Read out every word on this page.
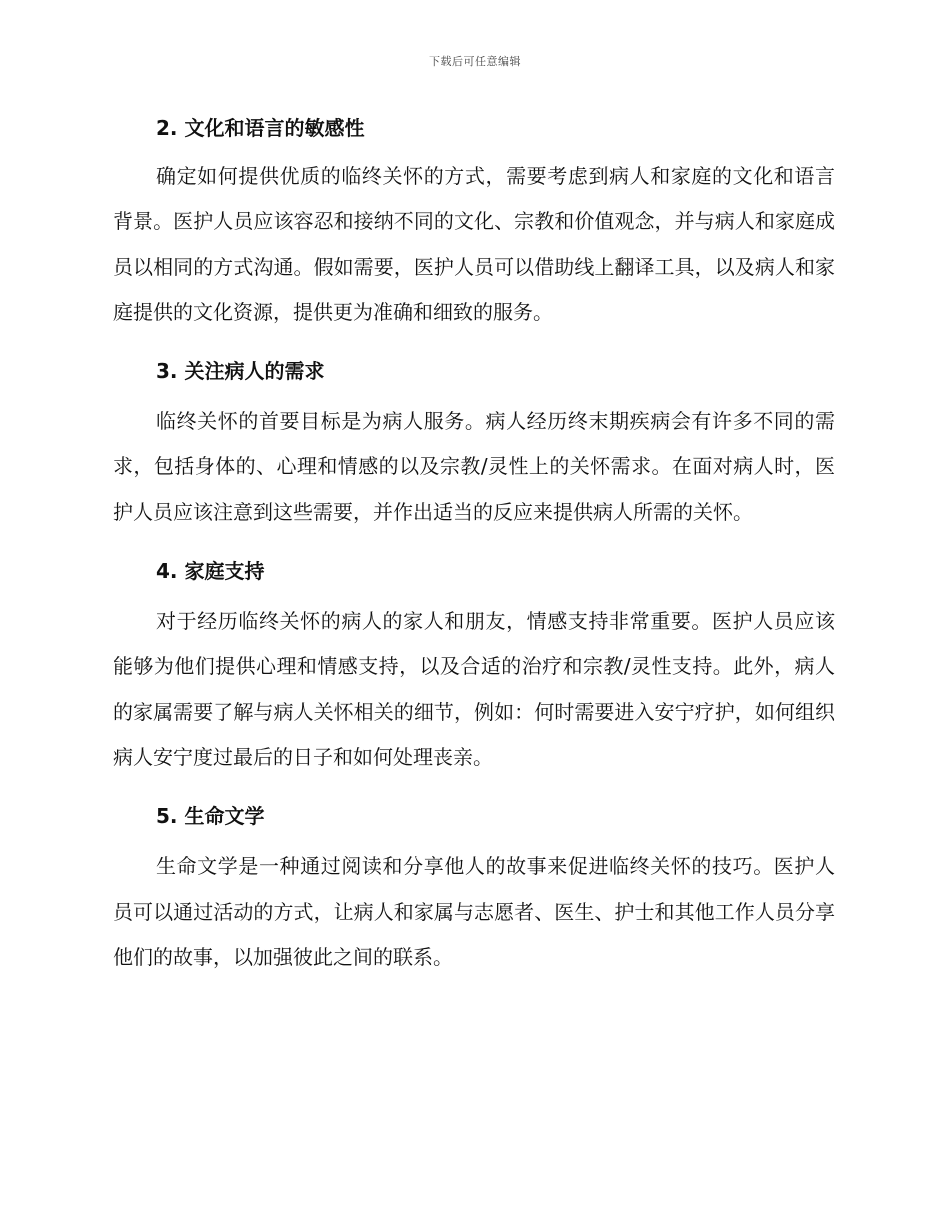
下载后可任意编辑
2. 文化和语言的敏感性

确定如何提供优质的临终关怀的方式，需要考虑到病人和家庭的文化和语言背景。医护人员应该容忍和接纳不同的文化、宗教和价值观念，并与病人和家庭成员以相同的方式沟通。假如需要，医护人员可以借助线上翻译工具，以及病人和家庭提供的文化资源，提供更为准确和细致的服务。

3. 关注病人的需求

临终关怀的首要目标是为病人服务。病人经历终末期疾病会有许多不同的需求，包括身体的、心理和情感的以及宗教/灵性上的关怀需求。在面对病人时，医护人员应该注意到这些需要，并作出适当的反应来提供病人所需的关怀。

4. 家庭支持

对于经历临终关怀的病人的家人和朋友，情感支持非常重要。医护人员应该能够为他们提供心理和情感支持，以及合适的治疗和宗教/灵性支持。此外，病人的家属需要了解与病人关怀相关的细节，例如：何时需要进入安宁疗护，如何组织病人安宁度过最后的日子和如何处理丧亲。

5. 生命文学

生命文学是一种通过阅读和分享他人的故事来促进临终关怀的技巧。医护人员可以通过活动的方式，让病人和家属与志愿者、医生、护士和其他工作人员分享他们的故事，以加强彼此之间的联系。
